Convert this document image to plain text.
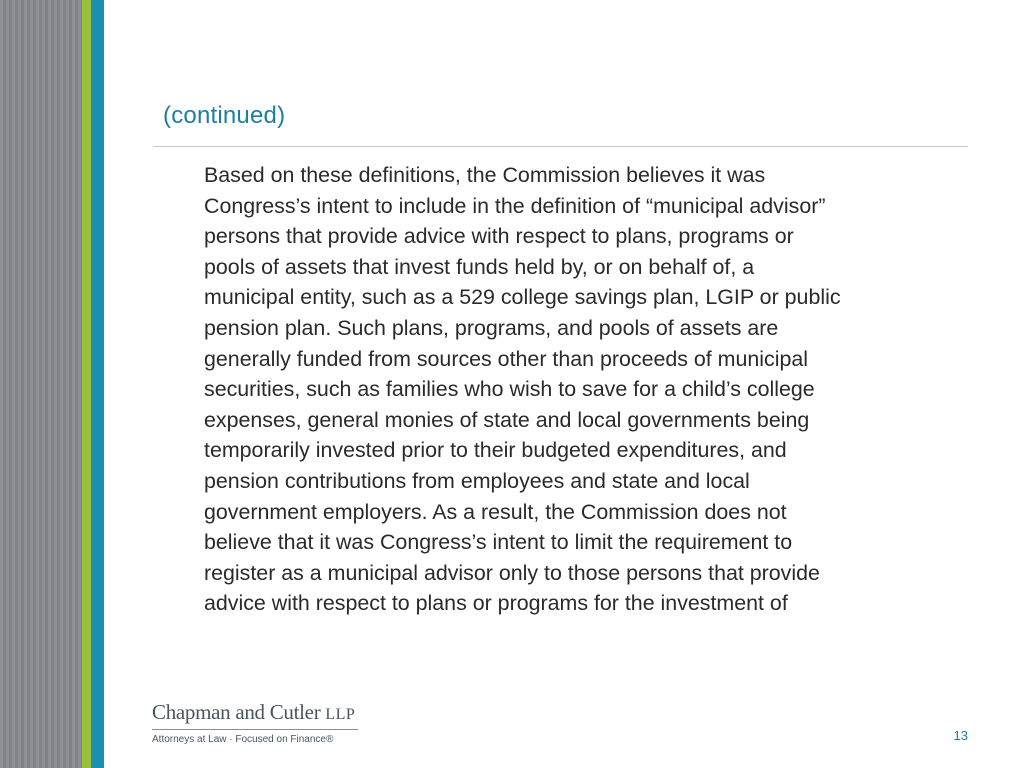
(continued)
Based on these definitions, the Commission believes it was
Congress’s intent to include in the definition of “municipal advisor”
persons that provide advice with respect to plans, programs or
pools of assets that invest funds held by, or on behalf of, a
municipal entity, such as a 529 college savings plan, LGIP or public
pension plan. Such plans, programs, and pools of assets are
generally funded from sources other than proceeds of municipal
securities, such as families who wish to save for a child’s college
expenses, general monies of state and local governments being
temporarily invested prior to their budgeted expenditures, and
pension contributions from employees and state and local
government employers. As a result, the Commission does not
believe that it was Congress’s intent to limit the requirement to
register as a municipal advisor only to those persons that provide
advice with respect to plans or programs for the investment of
Chapman and Cutler LLP
Attorneys at Law · Focused on Finance®	13
